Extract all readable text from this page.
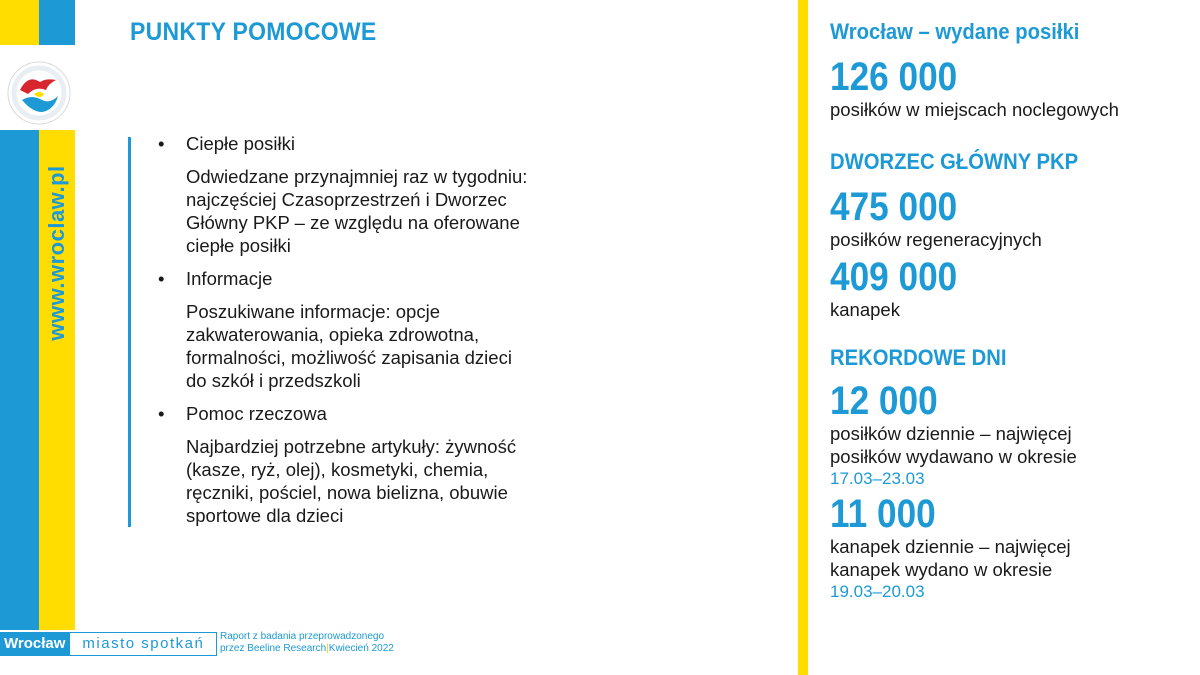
www.wroclaw.pl
PUNKTY POMOCOWE
• Ciepłe posiłki
Odwiedzane przynajmniej raz w tygodniu:
najczęściej Czasoprzestrzeń i Dworzec
Główny PKP – ze względu na oferowane
ciepłe posiłki
• Informacje
Poszukiwane informacje: opcje
zakwaterowania, opieka zdrowotna,
formalności, możliwość zapisania dzieci
do szkół i przedszkoli
• Pomoc rzeczowa
Najbardziej potrzebne artykuły: żywność
(kasze, ryż, olej), kosmetyki, chemia,
ręczniki, pościel, nowa bielizna, obuwie
sportowe dla dzieci
Wrocław – wydane posiłki
126 000
posiłków w miejscach noclegowych
DWORZEC GŁÓWNY PKP
475 000
posiłków regeneracyjnych
409 000
kanapek
REKORDOWE DNI
12 000
posiłków dziennie – najwięcej
posiłków wydawano w okresie
17.03–23.03
11 000
kanapek dziennie – najwięcej
kanapek wydano w okresie
19.03–20.03
Wrocław	miasto spotkań	Raport z badania przeprowadzonego
przez Beeline Research|Kwiecień 2022
